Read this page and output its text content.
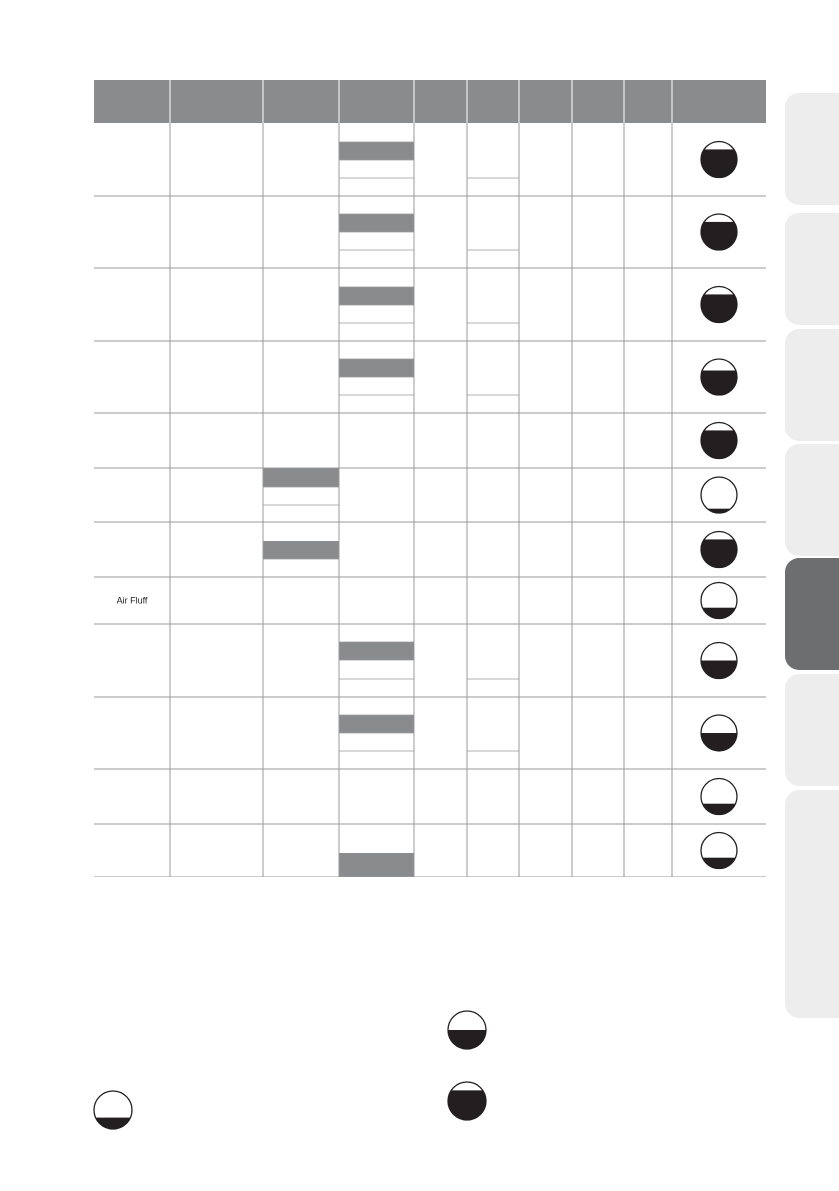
Air Fluff
